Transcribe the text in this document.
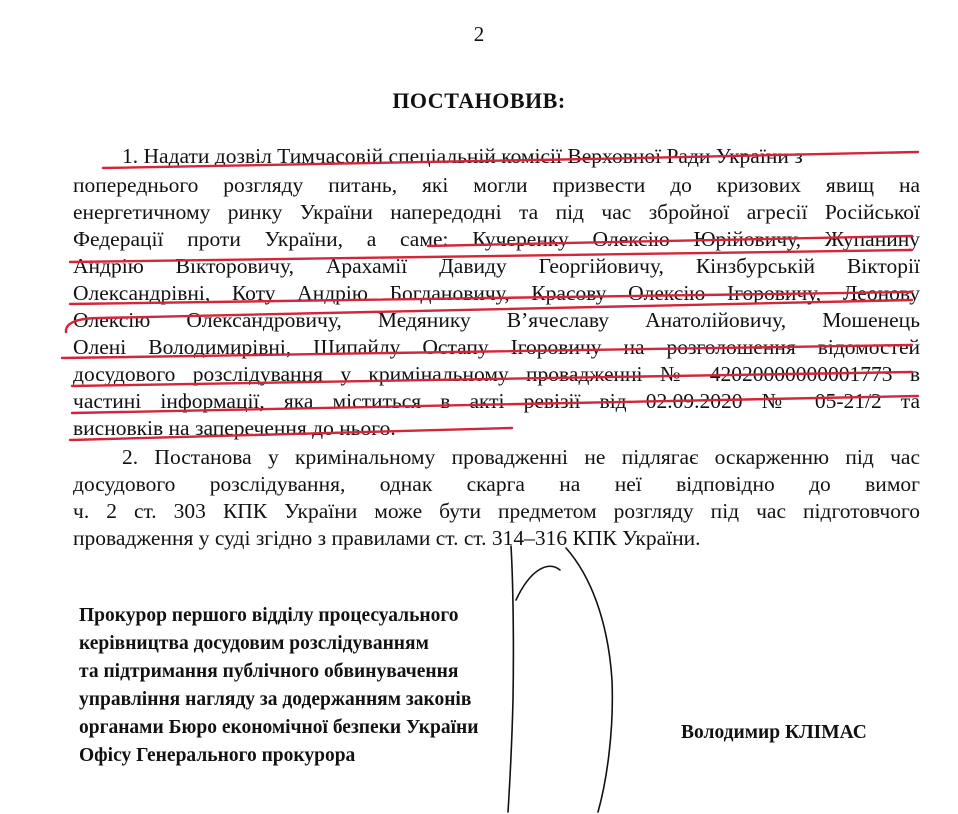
2
ПОСТАНОВИВ:
1. Надати дозвіл Тимчасовій спеціальній комісії Верховної Ради України з
попереднього розгляду питань, які могли призвести до кризових явищ на
енергетичному ринку України напередодні та під час збройної агресії Російської
Федерації проти України, а саме: Кучеренку Олексію Юрійовичу, Жупанину
Андрію Вікторовичу, Арахамії Давиду Георгійовичу, Кінзбурській Вікторії
Олександрівні, Коту Андрію Богдановичу, Красову Олексію Ігоровичу, Леонову
Олексію Олександровичу, Медянику В’ячеславу Анатолійовичу, Мошенець
Олені Володимирівні, Шипайлу Остапу Ігоровичу на розголошення відомостей
досудового розслідування у кримінальному провадженні № 42020000000001773 в
частині інформації, яка міститься в акті ревізії від 02.09.2020 № 05-21/2 та
висновків на заперечення до нього.
2. Постанова у кримінальному провадженні не підлягає оскарженню під час
досудового розслідування, однак скарга на неї відповідно до вимог
ч. 2 ст. 303 КПК України може бути предметом розгляду під час підготовчого
провадження у суді згідно з правилами ст. ст. 314–316 КПК України.
Прокурор першого відділу процесуального
керівництва досудовим розслідуванням
та підтримання публічного обвинувачення
управління нагляду за додержанням законів
органами Бюро економічної безпеки України
Офісу Генерального прокурора
Володимир КЛІМАС
